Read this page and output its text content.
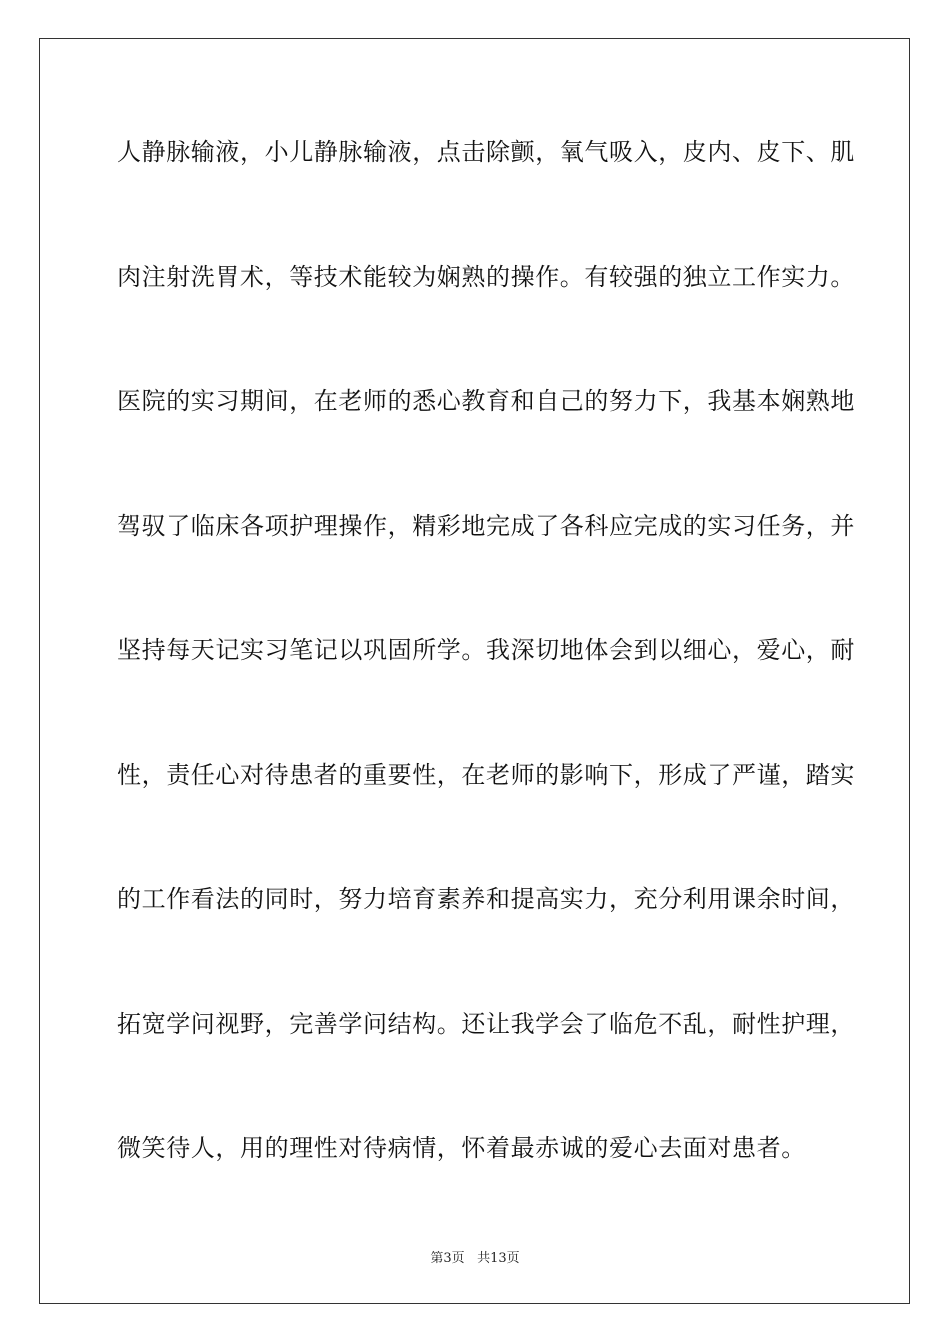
人静脉输液，小儿静脉输液，点击除颤，氧气吸入，皮内、皮下、肌
肉注射洗胃术，等技术能较为娴熟的操作。有较强的独立工作实力。
医院的实习期间，在老师的悉心教育和自己的努力下，我基本娴熟地
驾驭了临床各项护理操作，精彩地完成了各科应完成的实习任务，并
坚持每天记实习笔记以巩固所学。我深切地体会到以细心，爱心，耐
性，责任心对待患者的重要性，在老师的影响下，形成了严谨，踏实
的工作看法的同时，努力培育素养和提高实力，充分利用课余时间，
拓宽学问视野，完善学问结构。还让我学会了临危不乱，耐性护理，
微笑待人，用的理性对待病情，怀着最赤诚的爱心去面对患者。
第3页 共13页
